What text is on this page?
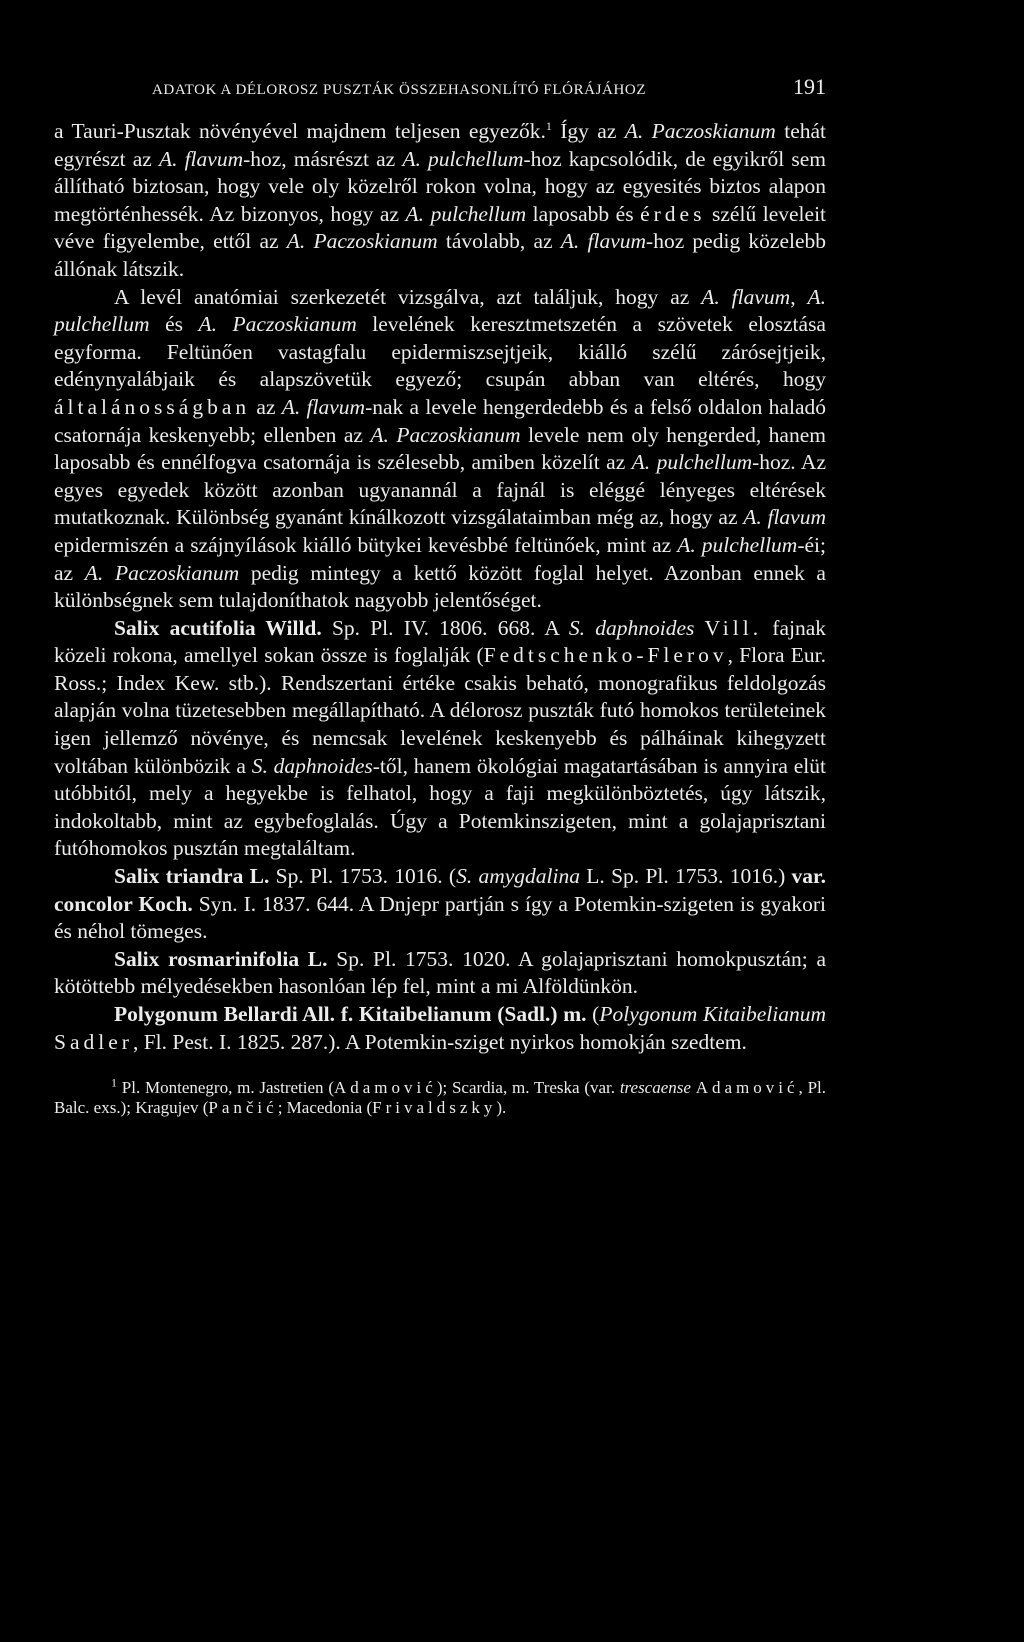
ADATOK A DÉLOROSZ PUSZTÁK ÖSSZEHASONLÍTÓ FLÓRÁJÁHOZ	191

a Tauri-Pusztak növényével majdnem teljesen egyezők.$^1$ Így az A. Paczoskianum tehát egyrészt az A. flavum-hoz, másrészt az A. pulchellum-hoz kapcsolódik, de egyikről sem állítható biztosan, hogy vele oly közelről rokon volna, hogy az egyesités biztos alapon megtörténhessék. Az bizonyos, hogy az A. pulchellum laposabb és érdes szélű leveleit véve figyelembe, ettől az A. Paczoskianum távolabb, az A. flavum-hoz pedig közelebb állónak látszik.

A levél anatómiai szerkezetét vizsgálva, azt találjuk, hogy az A. flavum, A. pulchellum és A. Paczoskianum levelének keresztmetszetén a szövetek elosztása egyforma. Feltünően vastagfalu epidermiszsejtjeik, kiálló szélű zárósejtjeik, edénynyalábjaik és alapszövetük egyező; csupán abban van eltérés, hogy általánosságban az A. flavum-nak a levele hengerdedebb és a felső oldalon haladó csatornája keskenyebb; ellenben az A. Paczoskianum levele nem oly hengerded, hanem laposabb és ennélfogva csatornája is szélesebb, amiben közelít az A. pulchellum-hoz. Az egyes egyedek között azonban ugyanannál a fajnál is eléggé lényeges eltérések mutatkoznak. Különbség gyanánt kínálkozott vizsgálataimban még az, hogy az A. flavum epidermiszén a szájnyílások kiálló bütykei kevésbbé feltünőek, mint az A. pulchellum-éi; az A. Paczoskianum pedig mintegy a kettő között foglal helyet. Azonban ennek a különbségnek sem tulajdoníthatok nagyobb jelentőséget.

Salix acutifolia Willd. Sp. Pl. IV. 1806. 668. A S. daphnoides Vill. fajnak közeli rokona, amellyel sokan össze is foglalják (Fedtschenko-Flerov, Flora Eur. Ross.; Index Kew. stb.). Rendszertani értéke csakis beható, monografikus feldolgozás alapján volna tüzetesebben megállapítható. A délorosz puszták futó homokos területeinek igen jellemző növénye, és nemcsak levelének keskenyebb és pálháinak kihegyzett voltában különbözik a S. daphnoides-től, hanem ökológiai magatartásában is annyira elüt utóbbitól, mely a hegyekbe is felhatol, hogy a faji megkülönböztetés, úgy látszik, indokoltabb, mint az egybefoglalás. Úgy a Potemkinszigeten, mint a golajaprisztani futóhomokos pusztán megtaláltam.

Salix triandra L. Sp. Pl. 1753. 1016. (S. amygdalina L. Sp. Pl. 1753. 1016.) var. concolor Koch. Syn. I. 1837. 644. A Dnjepr partján s így a Potemkin-szigeten is gyakori és néhol tömeges.

Salix rosmarinifolia L. Sp. Pl. 1753. 1020. A golajaprisztani homokpusztán; a kötöttebb mélyedésekben hasonlóan lép fel, mint a mi Alföldünkön.

Polygonum Bellardi All. f. Kitaibelianum (Sadl.) m. (Polygonum Kitaibelianum Sadler, Fl. Pest. I. 1825. 287.). A Potemkin-sziget nyirkos homokján szedtem.

$^1$ Pl. Montenegro, m. Jastretien (Adamović); Scardia, m. Treska (var. trescaense Adamović, Pl. Balc. exs.); Kragujev (Pančić; Macedonia (Frivaldszky).
